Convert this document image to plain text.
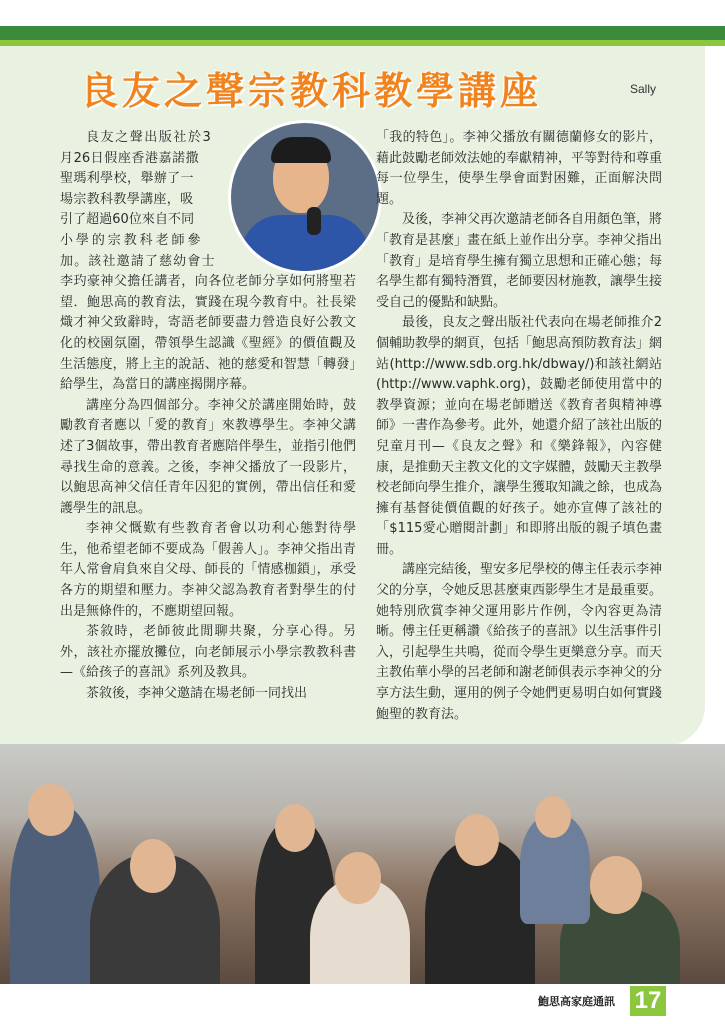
良友之聲宗教科教學講座	Sally

良友之聲出版社於3月26日假座香港嘉諾撒聖瑪利學校，舉辦了一場宗教科教學講座，吸引了超過60位來自不同小學的宗教科老師參加。該社邀請了慈幼會士李玓豪神父擔任講者，向各位老師分享如何將聖若望．鮑思高的教育法，實踐在現今教育中。社長梁熾才神父致辭時，寄語老師要盡力營造良好公教文化的校園氛圍，帶領學生認識《聖經》的價值觀及生活態度，將上主的說話、祂的慈愛和智慧「轉發」給學生，為當日的講座揭開序幕。

講座分為四個部分。李神父於講座開始時，鼓勵教育者應以「愛的教育」來教導學生。李神父講述了3個故事，帶出教育者應陪伴學生，並指引他們尋找生命的意義。之後，李神父播放了一段影片，以鮑思高神父信任青年囚犯的實例，帶出信任和愛護學生的訊息。

李神父慨歎有些教育者會以功利心態對待學生，他希望老師不要成為「假善人」。李神父指出青年人常會肩負來自父母、師長的「情感枷鎖」，承受各方的期望和壓力。李神父認為教育者對學生的付出是無條件的，不應期望回報。

茶敘時，老師彼此閒聊共聚，分享心得。另外，該社亦擺放攤位，向老師展示小學宗教教科書—《給孩子的喜訊》系列及教具。

茶敘後，李神父邀請在場老師一同找出

「我的特色」。李神父播放有關德蘭修女的影片，藉此鼓勵老師效法她的奉獻精神，平等對待和尊重每一位學生，使學生學會面對困難，正面解決問題。

及後，李神父再次邀請老師各自用顏色筆，將「教育是甚麼」畫在紙上並作出分享。李神父指出「教育」是培育學生擁有獨立思想和正確心態；每名學生都有獨特潛質，老師要因材施教，讓學生接受自己的優點和缺點。

最後，良友之聲出版社代表向在場老師推介2個輔助教學的網頁，包括「鮑思高預防教育法」網站(http://www.sdb.org.hk/dbway/)和該社網站(http://www.vaphk.org)，鼓勵老師使用當中的教學資源；並向在場老師贈送《教育者與精神導師》一書作為參考。此外，她還介紹了該社出版的兒童月刊—《良友之聲》和《樂鋒報》，內容健康，是推動天主教文化的文字媒體，鼓勵天主教學校老師向學生推介，讓學生獲取知識之餘，也成為擁有基督徒價值觀的好孩子。她亦宣傳了該社的「$115愛心贈閱計劃」和即將出版的親子填色畫冊。

講座完結後，聖安多尼學校的傳主任表示李神父的分享，令她反思甚麼東西影學生才是最重要。她特別欣賞李神父運用影片作例，令內容更為清晰。傅主任更稱讚《給孩子的喜訊》以生活事件引入，引起學生共鳴，從而令學生更樂意分享。而天主教佑華小學的呂老師和謝老師俱表示李神父的分享方法生動，運用的例子令她們更易明白如何實踐鮑聖的教育法。

鮑思高家庭通訊 17
